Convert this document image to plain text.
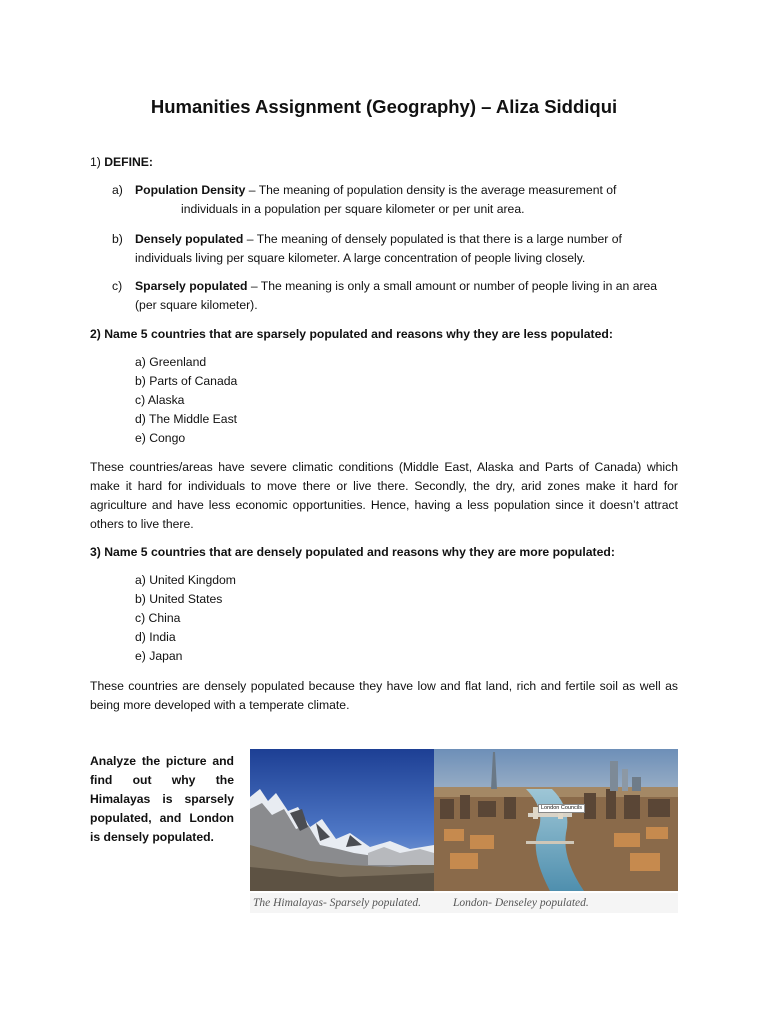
Humanities Assignment (Geography) – Aliza Siddiqui
1) DEFINE:
a) Population Density – The meaning of population density is the average measurement of
individuals in a population per square kilometer or per unit area.
b) Densely populated – The meaning of densely populated is that there is a large number of
individuals living per square kilometer. A large concentration of people living closely.
c) Sparsely populated – The meaning is only a small amount or number of people living in an area
(per square kilometer).
2) Name 5 countries that are sparsely populated and reasons why they are less populated:
a) Greenland
b) Parts of Canada
c) Alaska
d) The Middle East
e) Congo
These countries/areas have severe climatic conditions (Middle East, Alaska and Parts of Canada) which make it hard for individuals to move there or live there. Secondly, the dry, arid zones make it hard for agriculture and have less economic opportunities. Hence, having a less population since it doesn’t attract others to live there.
3) Name 5 countries that are densely populated and reasons why they are more populated:
a) United Kingdom
b) United States
c) China
d) India
e) Japan
These countries are densely populated because they have low and flat land, rich and fertile soil as well as being more developed with a temperate climate.
Analyze the picture and find out why the Himalayas is sparsely populated, and London is densely populated.
London Councils
The Himalayas- Sparsely populated.	London- Denseley populated.
